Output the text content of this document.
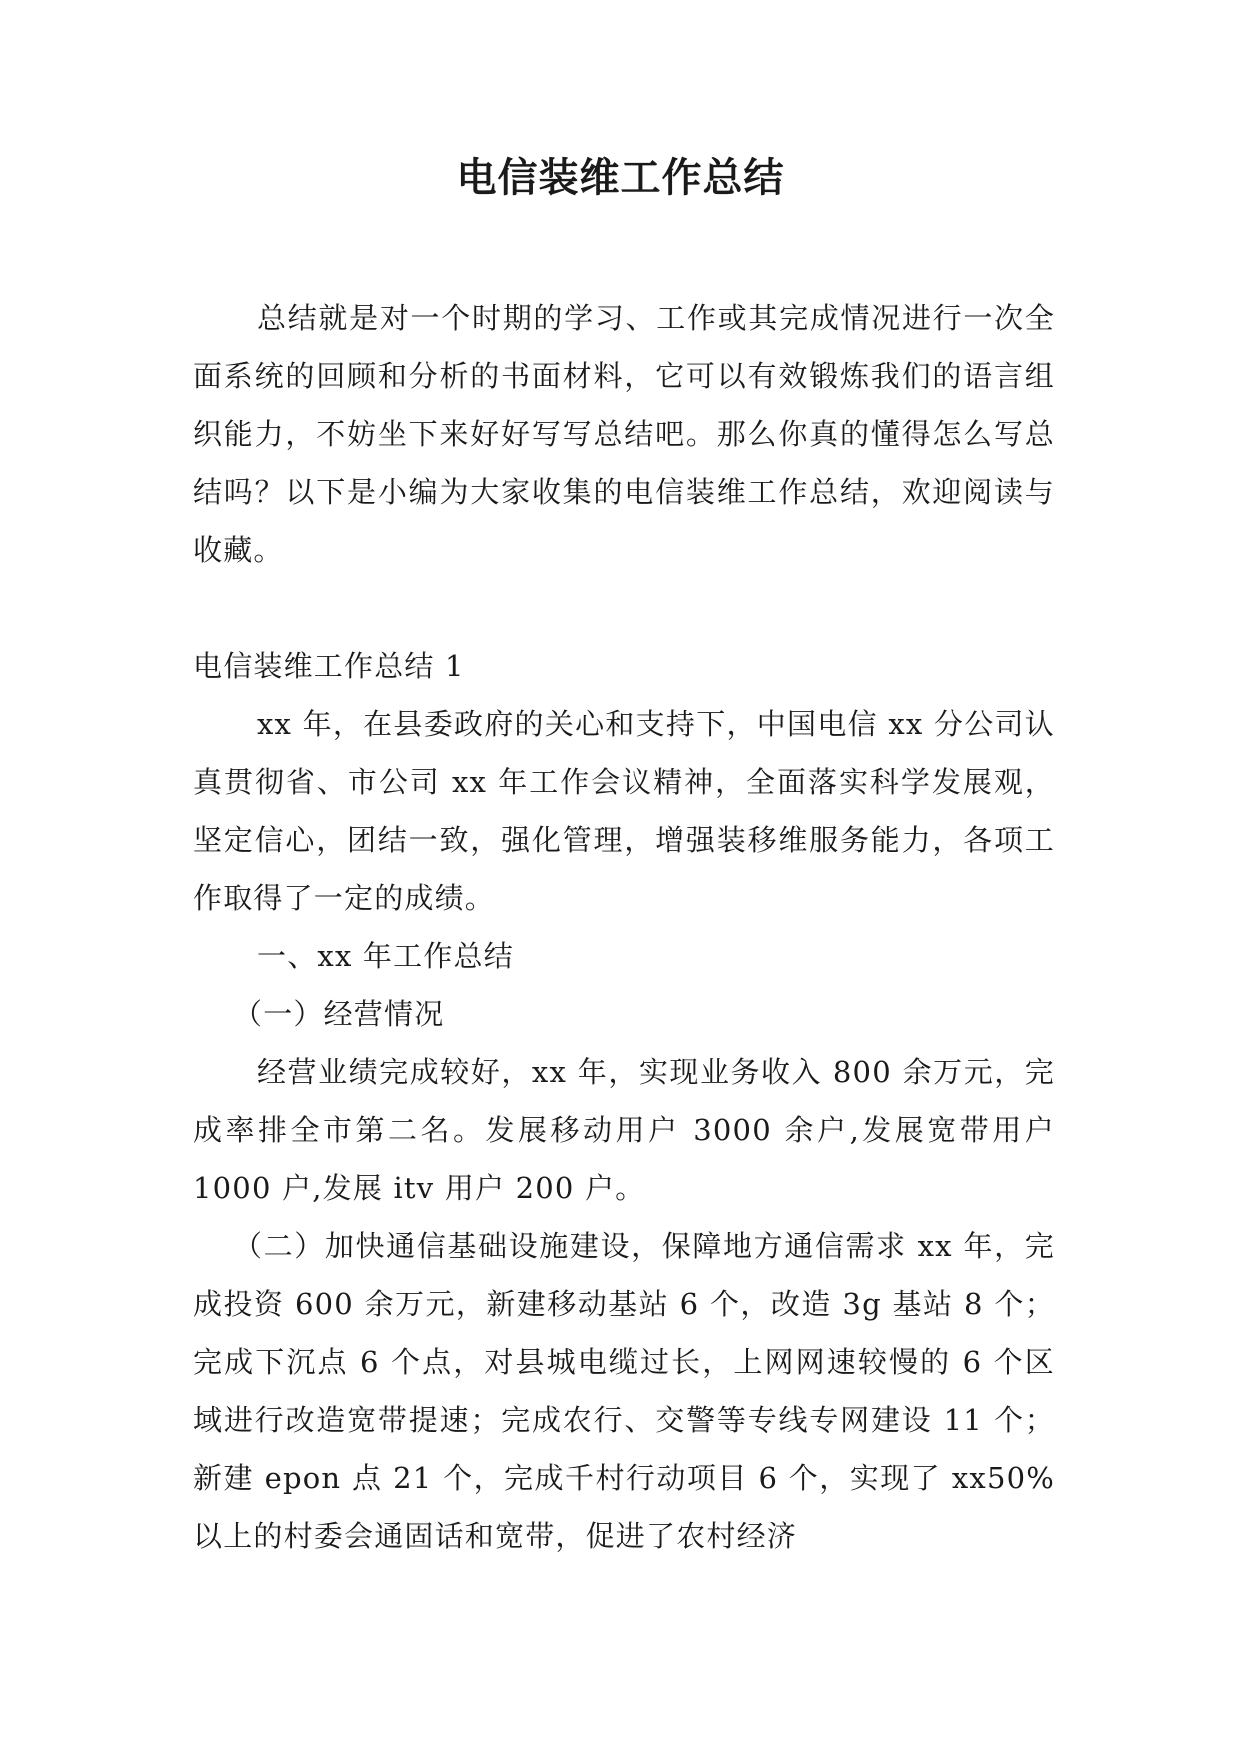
电信装维工作总结

总结就是对一个时期的学习、工作或其完成情况进行一次全面系统的回顾和分析的书面材料，它可以有效锻炼我们的语言组织能力，不妨坐下来好好写写总结吧。那么你真的懂得怎么写总结吗？以下是小编为大家收集的电信装维工作总结，欢迎阅读与收藏。

电信装维工作总结 1

xx 年，在县委政府的关心和支持下，中国电信 xx 分公司认真贯彻省、市公司 xx 年工作会议精神，全面落实科学发展观，坚定信心，团结一致，强化管理，增强装移维服务能力，各项工作取得了一定的成绩。

一、xx 年工作总结

（一）经营情况

经营业绩完成较好，xx 年，实现业务收入 800 余万元，完成率排全市第二名。发展移动用户 3000 余户,发展宽带用户 1000 户,发展 itv 用户 200 户。

（二）加快通信基础设施建设，保障地方通信需求 xx 年，完成投资 600 余万元，新建移动基站 6 个，改造 3g 基站 8 个；完成下沉点 6 个点，对县城电缆过长，上网网速较慢的 6 个区域进行改造宽带提速；完成农行、交警等专线专网建设 11 个；新建 epon 点 21 个，完成千村行动项目 6 个，实现了 xx50%以上的村委会通固话和宽带，促进了农村经济
